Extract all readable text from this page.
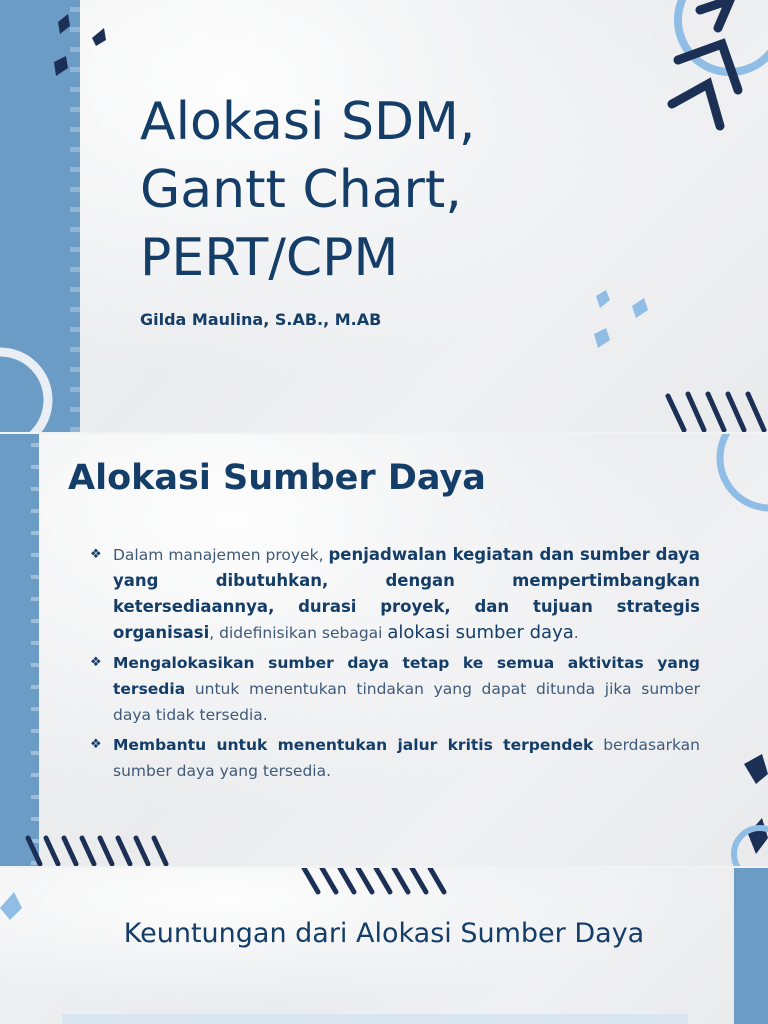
Alokasi SDM,
Gantt Chart,
PERT/CPM
Gilda Maulina, S.AB., M.AB
Alokasi Sumber Daya
❖ Dalam manajemen proyek, penjadwalan kegiatan dan sumber daya yang dibutuhkan, dengan mempertimbangkan ketersediaannya, durasi proyek, dan tujuan strategis organisasi, didefinisikan sebagai alokasi sumber daya.
❖ Mengalokasikan sumber daya tetap ke semua aktivitas yang tersedia untuk menentukan tindakan yang dapat ditunda jika sumber daya tidak tersedia.
❖ Membantu untuk menentukan jalur kritis terpendek berdasarkan sumber daya yang tersedia.
Keuntungan dari Alokasi Sumber Daya
